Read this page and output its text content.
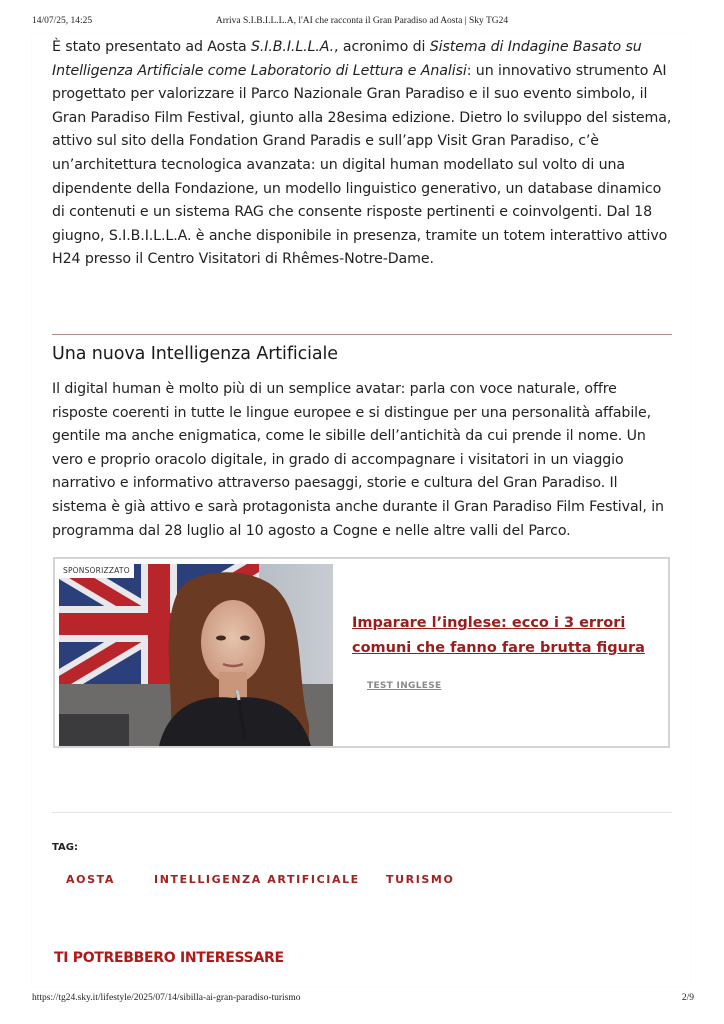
14/07/25, 14:25	Arriva S.I.B.I.L.L.A, l'AI che racconta il Gran Paradiso ad Aosta | Sky TG24

È stato presentato ad Aosta S.I.B.I.L.L.A., acronimo di Sistema di Indagine Basato su Intelligenza Artificiale come Laboratorio di Lettura e Analisi: un innovativo strumento AI progettato per valorizzare il Parco Nazionale Gran Paradiso e il suo evento simbolo, il Gran Paradiso Film Festival, giunto alla 28esima edizione. Dietro lo sviluppo del sistema, attivo sul sito della Fondation Grand Paradis e sull’app Visit Gran Paradiso, c’è un’architettura tecnologica avanzata: un digital human modellato sul volto di una dipendente della Fondazione, un modello linguistico generativo, un database dinamico di contenuti e un sistema RAG che consente risposte pertinenti e coinvolgenti. Dal 18 giugno, S.I.B.I.L.L.A. è anche disponibile in presenza, tramite un totem interattivo attivo H24 presso il Centro Visitatori di Rhêmes-Notre-Dame.

Una nuova Intelligenza Artificiale

Il digital human è molto più di un semplice avatar: parla con voce naturale, offre risposte coerenti in tutte le lingue europee e si distingue per una personalità affabile, gentile ma anche enigmatica, come le sibille dell’antichità da cui prende il nome. Un vero e proprio oracolo digitale, in grado di accompagnare i visitatori in un viaggio narrativo e informativo attraverso paesaggi, storie e cultura del Gran Paradiso. Il sistema è già attivo e sarà protagonista anche durante il Gran Paradiso Film Festival, in programma dal 28 luglio al 10 agosto a Cogne e nelle altre valli del Parco.

SPONSORIZZATO
Imparare l’inglese: ecco i 3 errori comuni che fanno fare brutta figura
TEST INGLESE
TAG:
AOSTA	INTELLIGENZA ARTIFICIALE TURISMO
TI POTREBBERO INTERESSARE
https://tg24.sky.it/lifestyle/2025/07/14/sibilla-ai-gran-paradiso-turismo	2/9
